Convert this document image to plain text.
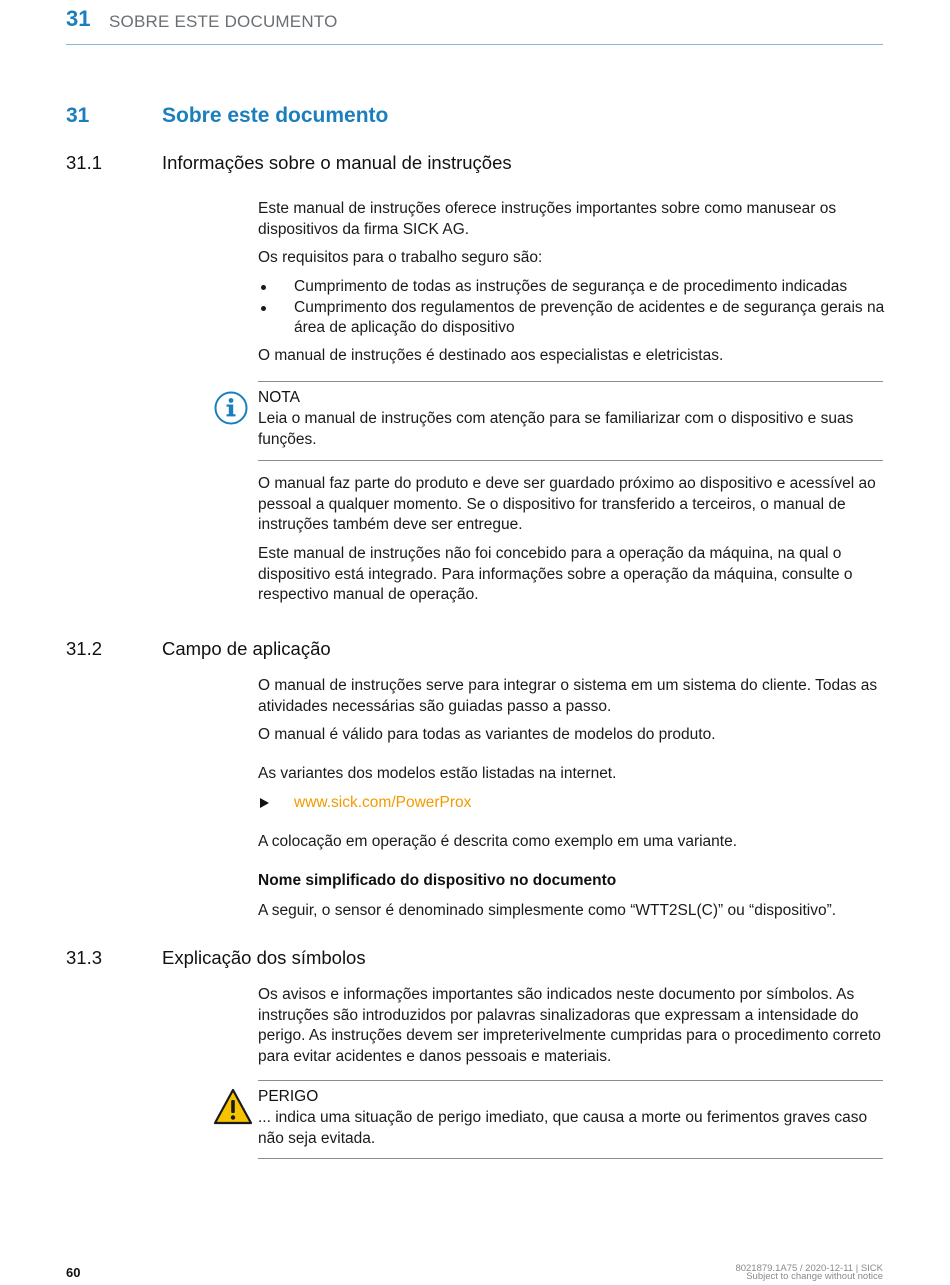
31 SOBRE ESTE DOCUMENTO
31	Sobre este documento
31.1	Informações sobre o manual de instruções

Este manual de instruções oferece instruções importantes sobre como manusear os dispositivos da firma SICK AG.

Os requisitos para o trabalho seguro são:

Cumprimento de todas as instruções de segurança e de procedimento indicadas
Cumprimento dos regulamentos de prevenção de acidentes e de segurança gerais na área de aplicação do dispositivo

O manual de instruções é destinado aos especialistas e eletricistas.

NOTA

Leia o manual de instruções com atenção para se familiarizar com o dispositivo e suas funções.

O manual faz parte do produto e deve ser guardado próximo ao dispositivo e acessível ao pessoal a qualquer momento. Se o dispositivo for transferido a terceiros, o manual de instruções também deve ser entregue.

Este manual de instruções não foi concebido para a operação da máquina, na qual o dispositivo está integrado. Para informações sobre a operação da máquina, consulte o respectivo manual de operação.

31.2	Campo de aplicação

O manual de instruções serve para integrar o sistema em um sistema do cliente. Todas as atividades necessárias são guiadas passo a passo.

O manual é válido para todas as variantes de modelos do produto.

As variantes dos modelos estão listadas na internet.

www.sick.com/PowerProx

A colocação em operação é descrita como exemplo em uma variante.

Nome simplificado do dispositivo no documento

A seguir, o sensor é denominado simplesmente como “WTT2SL(C)” ou “dispositivo”.

31.3	Explicação dos símbolos

Os avisos e informações importantes são indicados neste documento por símbolos. As instruções são introduzidos por palavras sinalizadoras que expressam a intensidade do perigo. As instruções devem ser impreterivelmente cumpridas para o procedimento correto para evitar acidentes e danos pessoais e materiais.

PERIGO

... indica uma situação de perigo imediato, que causa a morte ou ferimentos graves caso não seja evitada.

60	8021879.1A75 / 2020-12-11 | SICK
Subject to change without notice
